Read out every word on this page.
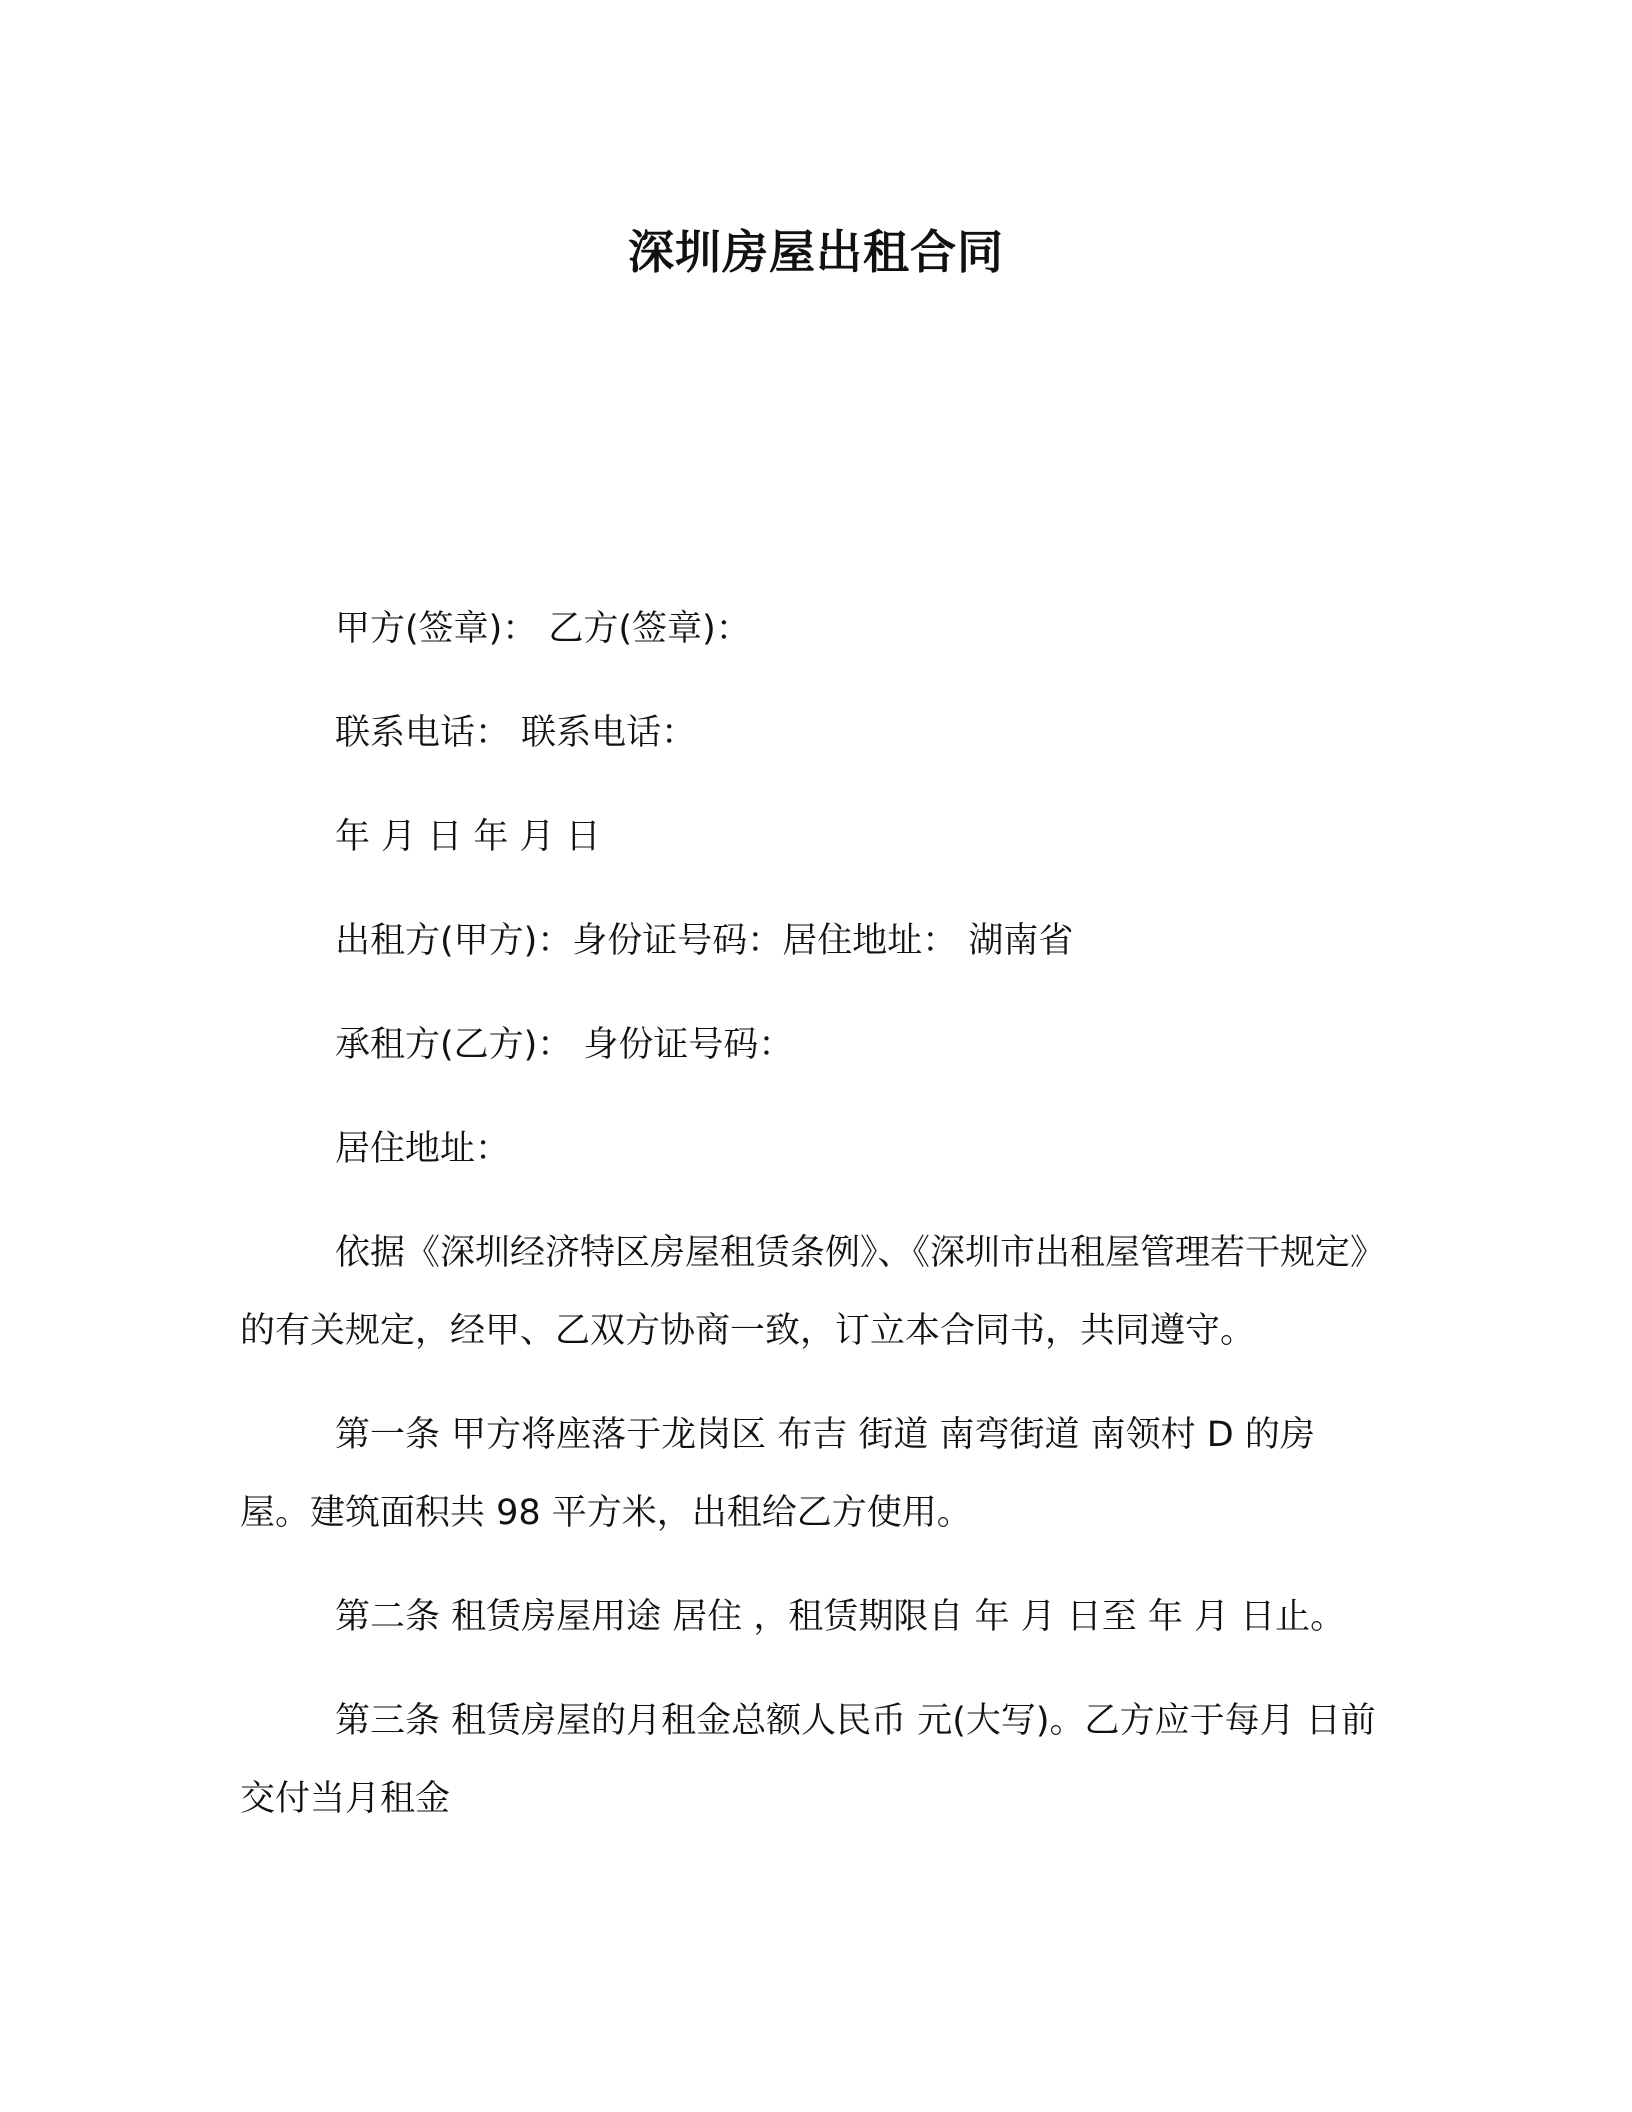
深圳房屋出租合同

甲方(签章)： 乙方(签章)：

联系电话： 联系电话：

年 月 日 年 月 日

出租方(甲方)：身份证号码：居住地址： 湖南省

承租方(乙方)： 身份证号码：

居住地址：

依据《深圳经济特区房屋租赁条例》、《深圳市出租屋管理若干规定》的有关规定，经甲、乙双方协商一致，订立本合同书，共同遵守。

第一条 甲方将座落于龙岗区 布吉 街道 南弯街道 南领村 D 的房屋。建筑面积共 98 平方米，出租给乙方使用。

第二条 租赁房屋用途 居住 ，租赁期限自 年 月 日至 年 月 日止。

第三条 租赁房屋的月租金总额人民币 元(大写)。乙方应于每月 日前交付当月租金
